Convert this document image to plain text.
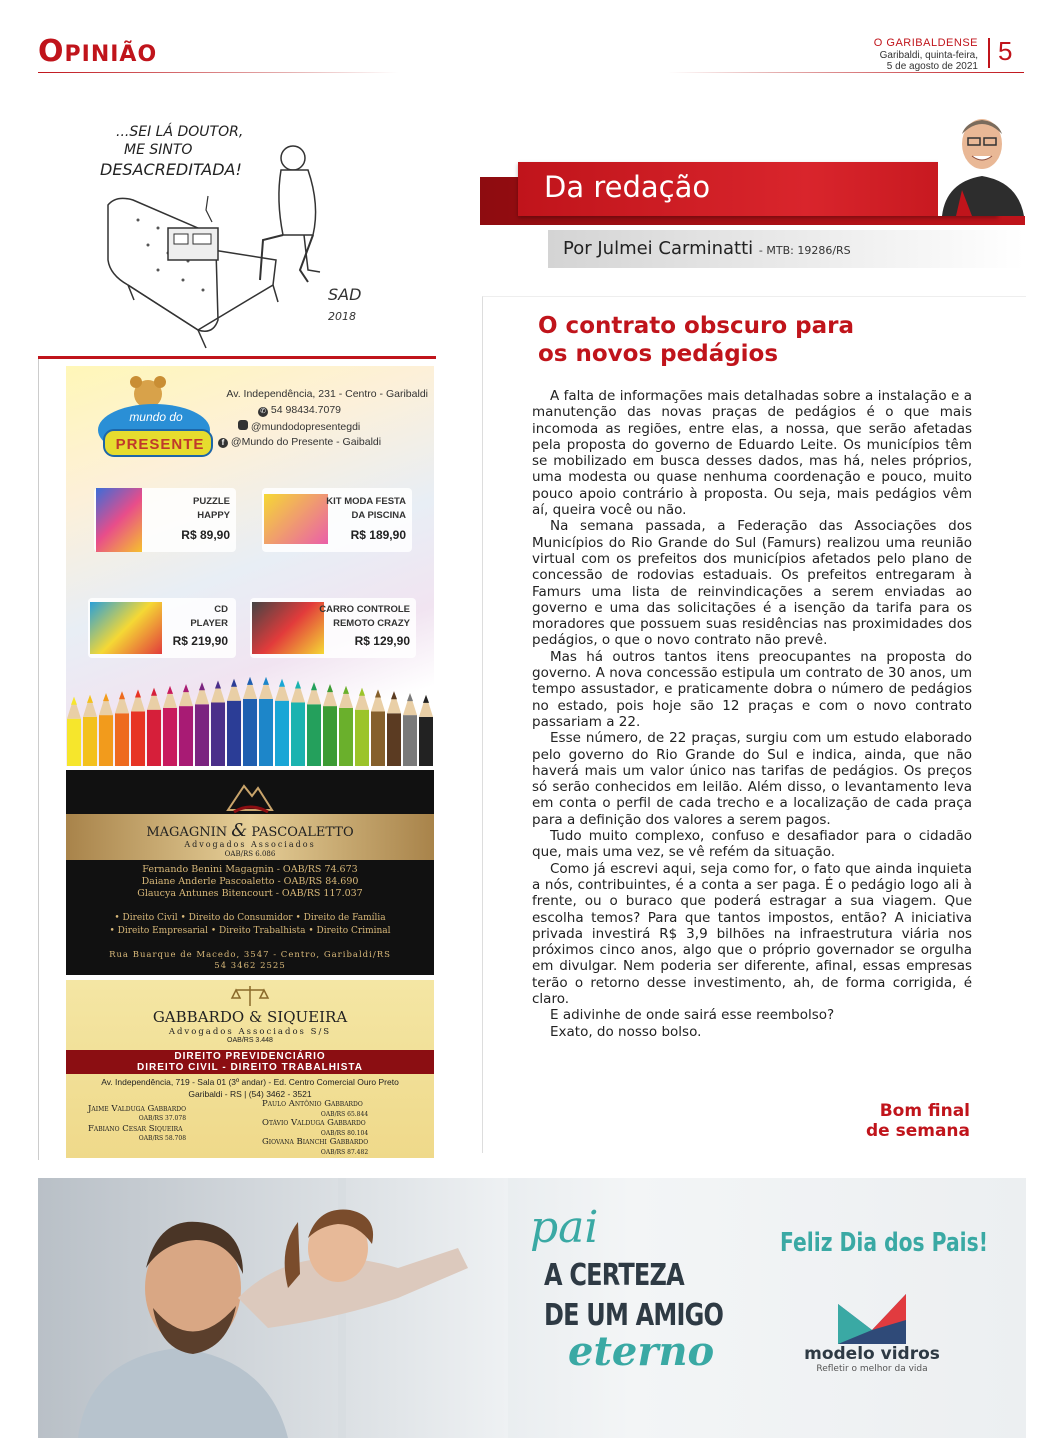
OPINIÃO	O GARIBALDENSE
Garibaldi, quinta-feira,
5 de agosto de 2021
5
...SEI LÁ DOUTOR,
ME SINTO
DESACREDITADA!
SAD
2018
mundo do
PRESENTE
Av. Independência, 231 - Centro - Garibaldi
✆ 54 98434.7079
@mundodopresentegdi
f @Mundo do Presente - Gaibaldi
PUZZLE
HAPPY
R$ 89,90
KIT MODA FESTA
DA PISCINA
R$ 189,90
CD
PLAYER
R$ 219,90
CARRO CONTROLE
REMOTO CRAZY
R$ 129,90
MAGAGNIN & PASCOALETTO
Advogados Associados
OAB/RS 6.086
Fernando Benini Magagnin - OAB/RS 74.673
Daiane Anderle Pascoaletto - OAB/RS 84.690
Glaucya Antunes Bitencourt - OAB/RS 117.037
• Direito Civil • Direito do Consumidor • Direito de Família
• Direito Empresarial • Direito Trabalhista • Direito Criminal
Rua Buarque de Macedo, 3547 - Centro, Garibaldi/RS
54 3462 2525
GABBARDO & SIQUEIRA
Advogados Associados S/S
OAB/RS 3.448
DIREITO PREVIDENCIÁRIO
DIREITO CIVIL - DIREITO TRABALHISTA
Av. Independência, 719 - Sala 01 (3º andar) - Ed. Centro Comercial Ouro Preto
Garibaldi - RS | (54) 3462 - 3521
Jaime Valduga Gabbardo
OAB/RS 37.078
Fabiano Cesar Siqueira
OAB/RS 58.708
Paulo Antônio Gabbardo
OAB/RS 65.844
Otávio Valduga Gabbardo
OAB/RS 80.104
Giovana Bianchi Gabbardo
OAB/RS 87.482
Da redação
Por Julmei Carminatti - MTB: 19286/RS
O contrato obscuro para
os novos pedágios

A falta de informações mais detalhadas sobre a instalação e a manutenção das novas praças de pedágios é o que mais incomoda as regiões, entre elas, a nossa, que serão afetadas pela proposta do governo de Eduardo Leite. Os municípios têm se mobilizado em busca desses dados, mas há, neles próprios, uma modesta ou quase nenhuma coordenação e pouco, muito pouco apoio contrário à proposta. Ou seja, mais pedágios vêm aí, queira você ou não.

Na semana passada, a Federação das Associações dos Municípios do Rio Grande do Sul (Famurs) realizou uma reunião virtual com os prefeitos dos municípios afetados pelo plano de concessão de rodovias estaduais. Os prefeitos entregaram à Famurs uma lista de reinvindicações a serem enviadas ao governo e uma das solicitações é a isenção da tarifa para os moradores que possuem suas residências nas proximidades dos pedágios, o que o novo contrato não prevê.

Mas há outros tantos itens preocupantes na proposta do governo. A nova concessão estipula um contrato de 30 anos, um tempo assustador, e praticamente dobra o número de pedágios no estado, pois hoje são 12 praças e com o novo contrato passariam a 22.

Esse número, de 22 praças, surgiu com um estudo elaborado pelo governo do Rio Grande do Sul e indica, ainda, que não haverá mais um valor único nas tarifas de pedágios. Os preços só serão conhecidos em leilão. Além disso, o levantamento leva em conta o perfil de cada trecho e a localização de cada praça para a definição dos valores a serem pagos.

Tudo muito complexo, confuso e desafiador para o cidadão que, mais uma vez, se vê refém da situação.

Como já escrevi aqui, seja como for, o fato que ainda inquieta a nós, contribuintes, é a conta a ser paga. É o pedágio logo ali à frente, ou o buraco que poderá estragar a sua viagem. Que escolha temos? Para que tantos impostos, então? A iniciativa privada investirá R$ 3,9 bilhões na infraestrutura viária nos próximos cinco anos, algo que o próprio governador se orgulha em divulgar. Nem poderia ser diferente, afinal, essas empresas terão o retorno desse investimento, ah, de forma corrigida, é claro.

E adivinhe de onde sairá esse reembolso?

Exato, do nosso bolso.

Bom final
de semana
pai
A CERTEZA
DE UM AMIGO
eterno
Feliz Dia dos Pais!
modelo vidros
Refletir o melhor da vida
